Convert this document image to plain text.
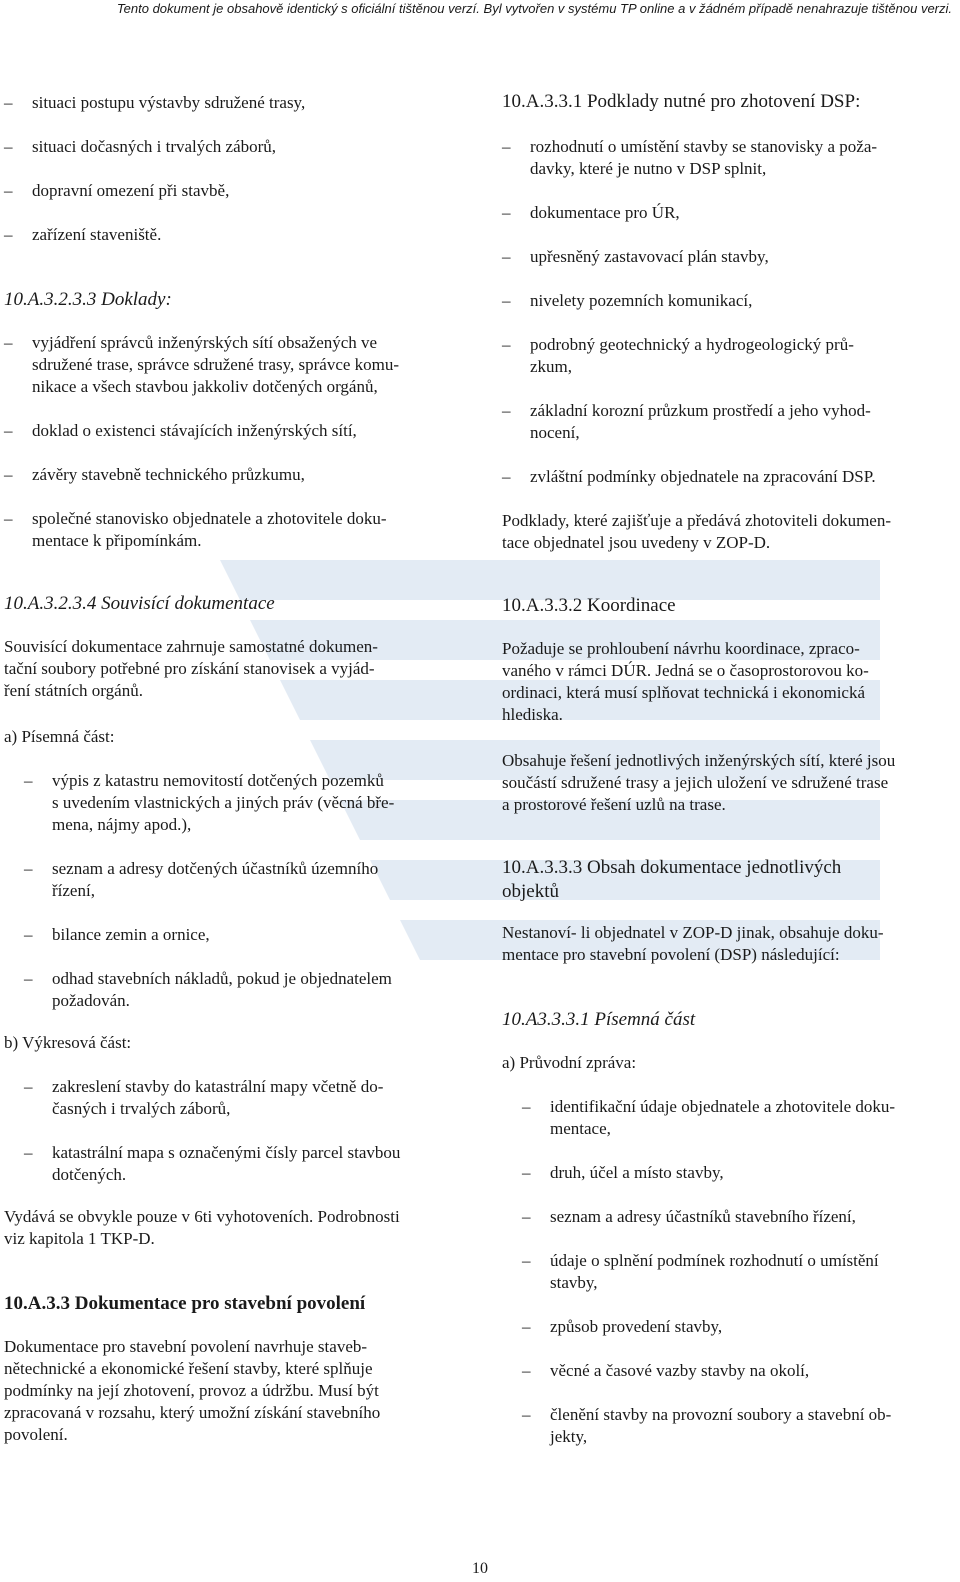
Tento dokument je obsahově identický s oficiální tištěnou verzí. Byl vytvořen v systému TP online a v žádném případě nenahrazuje tištěnou verzi.
– situaci postupu výstavby sdružené trasy,
– situaci dočasných i trvalých záborů,
– dopravní omezení při stavbě,
– zařízení staveniště.
10.A.3.2.3.3 Doklady:
– vyjádření správců inženýrských sítí obsažených ve
sdružené trase, správce sdružené trasy, správce komu-
nikace a všech stavbou jakkoliv dotčených orgánů,
– doklad o existenci stávajících inženýrských sítí,
– závěry stavebně technického průzkumu,
– společné stanovisko objednatele a zhotovitele doku-
mentace k připomínkám.
10.A.3.2.3.4 Souvisící dokumentace
Souvisící dokumentace zahrnuje samostatné dokumen-
tační soubory potřebné pro získání stanovisek a vyjád-
ření státních orgánů.
a) Písemná část:
– výpis z katastru nemovitostí dotčených pozemků
s uvedením vlastnických a jiných práv (věcná bře-
mena, nájmy apod.),
– seznam a adresy dotčených účastníků územního
řízení,
– bilance zemin a ornice,
– odhad stavebních nákladů, pokud je objednatelem
požadován.
b) Výkresová část:
– zakreslení stavby do katastrální mapy včetně do-
časných i trvalých záborů,
– katastrální mapa s označenými čísly parcel stavbou
dotčených.
Vydává se obvykle pouze v 6ti vyhotoveních. Podrobnosti
viz kapitola 1 TKP-D.
10.A.3.3 Dokumentace pro stavební povolení
Dokumentace pro stavební povolení navrhuje staveb-
nětechnické a ekonomické řešení stavby, které splňuje
podmínky na její zhotovení, provoz a údržbu. Musí být
zpracovaná v rozsahu, který umožní získání stavebního
povolení.
10.A.3.3.1 Podklady nutné pro zhotovení DSP:
– rozhodnutí o umístění stavby se stanovisky a poža-
davky, které je nutno v DSP splnit,
– dokumentace pro ÚR,
– upřesněný zastavovací plán stavby,
– nivelety pozemních komunikací,
– podrobný geotechnický a hydrogeologický prů-
zkum,
– základní korozní průzkum prostředí a jeho vyhod-
nocení,
– zvláštní podmínky objednatele na zpracování DSP.
Podklady, které zajišťuje a předává zhotoviteli dokumen-
tace objednatel jsou uvedeny v ZOP-D.
10.A.3.3.2 Koordinace
Požaduje se prohloubení návrhu koordinace, zpraco-
vaného v rámci DÚR. Jedná se o časoprostorovou ko-
ordinaci, která musí splňovat technická i ekonomická
hlediska.
Obsahuje řešení jednotlivých inženýrských sítí, které jsou
součástí sdružené trasy a jejich uložení ve sdružené trase
a prostorové řešení uzlů na trase.
10.A.3.3.3 Obsah dokumentace jednotlivých
objektů
Nestanoví- li objednatel v ZOP-D jinak, obsahuje doku-
mentace pro stavební povolení (DSP) následující:
10.A3.3.3.1 Písemná část
a) Průvodní zpráva:
– identifikační údaje objednatele a zhotovitele doku-
mentace,
– druh, účel a místo stavby,
– seznam a adresy účastníků stavebního řízení,
– údaje o splnění podmínek rozhodnutí o umístění
stavby,
– způsob provedení stavby,
– věcné a časové vazby stavby na okolí,
– členění stavby na provozní soubory a stavební ob-
jekty,
10
